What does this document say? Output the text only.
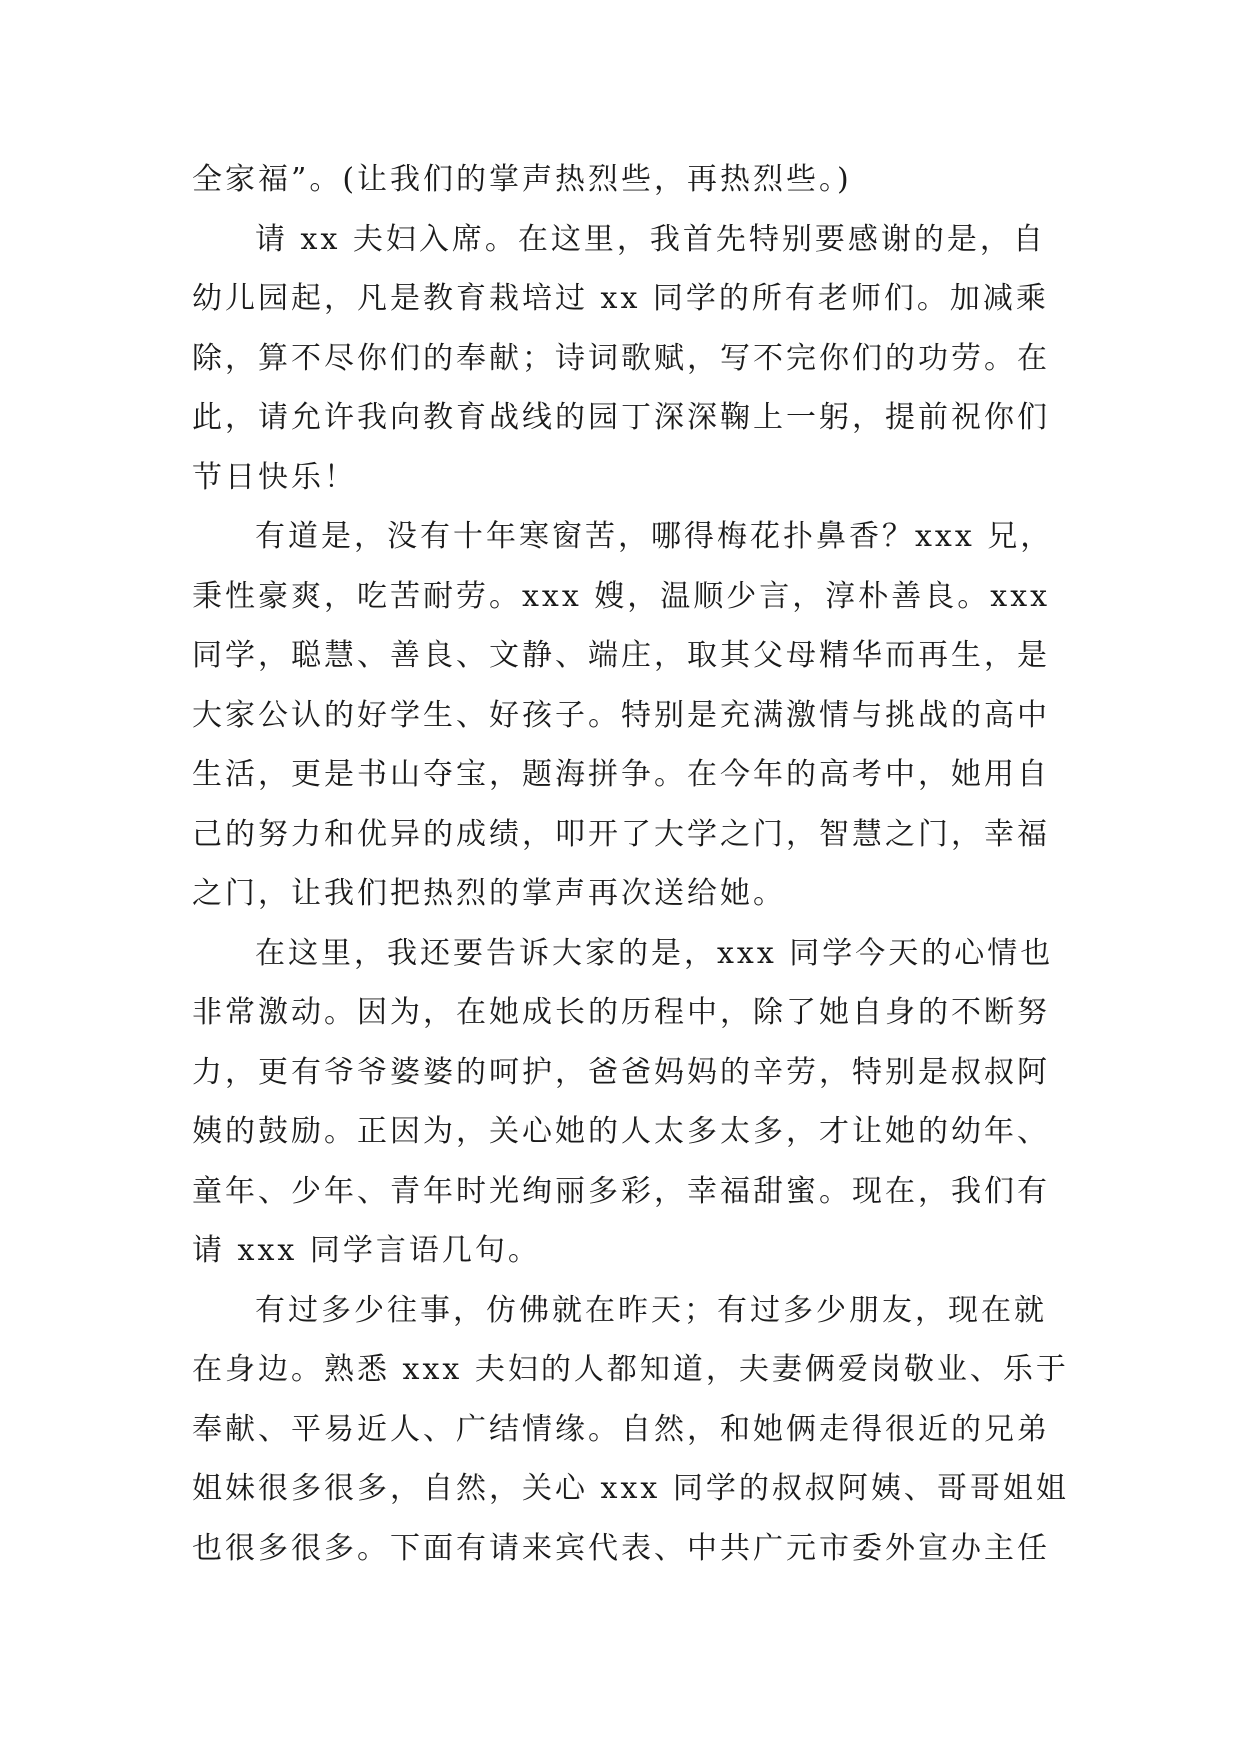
全家福”。(让我们的掌声热烈些，再热烈些。)
请 xx 夫妇入席。在这里，我首先特别要感谢的是，自
幼儿园起，凡是教育栽培过 xx 同学的所有老师们。加减乘
除，算不尽你们的奉献；诗词歌赋，写不完你们的功劳。在
此，请允许我向教育战线的园丁深深鞠上一躬，提前祝你们
节日快乐！
有道是，没有十年寒窗苦，哪得梅花扑鼻香？xxx 兄，
秉性豪爽，吃苦耐劳。xxx 嫂，温顺少言，淳朴善良。xxx
同学，聪慧、善良、文静、端庄，取其父母精华而再生，是
大家公认的好学生、好孩子。特别是充满激情与挑战的高中
生活，更是书山夺宝，题海拼争。在今年的高考中，她用自
己的努力和优异的成绩，叩开了大学之门，智慧之门，幸福
之门，让我们把热烈的掌声再次送给她。
在这里，我还要告诉大家的是，xxx 同学今天的心情也
非常激动。因为，在她成长的历程中，除了她自身的不断努
力，更有爷爷婆婆的呵护，爸爸妈妈的辛劳，特别是叔叔阿
姨的鼓励。正因为，关心她的人太多太多，才让她的幼年、
童年、少年、青年时光绚丽多彩，幸福甜蜜。现在，我们有
请 xxx 同学言语几句。
有过多少往事，仿佛就在昨天；有过多少朋友，现在就
在身边。熟悉 xxx 夫妇的人都知道，夫妻俩爱岗敬业、乐于
奉献、平易近人、广结情缘。自然，和她俩走得很近的兄弟
姐妹很多很多，自然，关心 xxx 同学的叔叔阿姨、哥哥姐姐
也很多很多。下面有请来宾代表、中共广元市委外宣办主任
